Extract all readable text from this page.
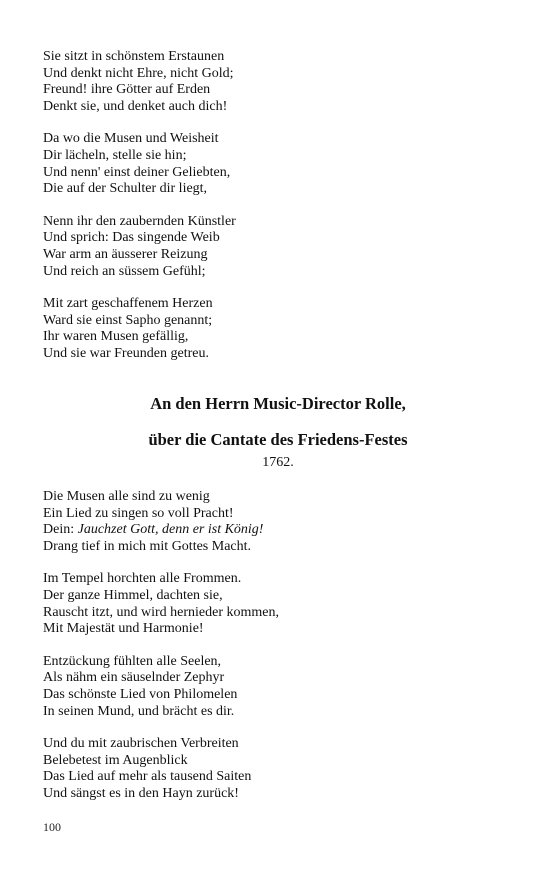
Sie sitzt in schönstem Erstaunen
Und denkt nicht Ehre, nicht Gold;
Freund! ihre Götter auf Erden
Denkt sie, und denket auch dich!
Da wo die Musen und Weisheit
Dir lächeln, stelle sie hin;
Und nenn' einst deiner Geliebten,
Die auf der Schulter dir liegt,
Nenn ihr den zaubernden Künstler
Und sprich: Das singende Weib
War arm an äusserer Reizung
Und reich an süssem Gefühl;
Mit zart geschaffenem Herzen
Ward sie einst Sapho genannt;
Ihr waren Musen gefällig,
Und sie war Freunden getreu.
An den Herrn Music-Director Rolle,
über die Cantate des Friedens-Festes
1762.
Die Musen alle sind zu wenig
Ein Lied zu singen so voll Pracht!
Dein: Jauchzet Gott, denn er ist König!
Drang tief in mich mit Gottes Macht.
Im Tempel horchten alle Frommen.
Der ganze Himmel, dachten sie,
Rauscht itzt, und wird hernieder kommen,
Mit Majestät und Harmonie!
Entzückung fühlten alle Seelen,
Als nähm ein säuselnder Zephyr
Das schönste Lied von Philomelen
In seinen Mund, und brächt es dir.
Und du mit zaubrischen Verbreiten
Belebetest im Augenblick
Das Lied auf mehr als tausend Saiten
Und sängst es in den Hayn zurück!
100
